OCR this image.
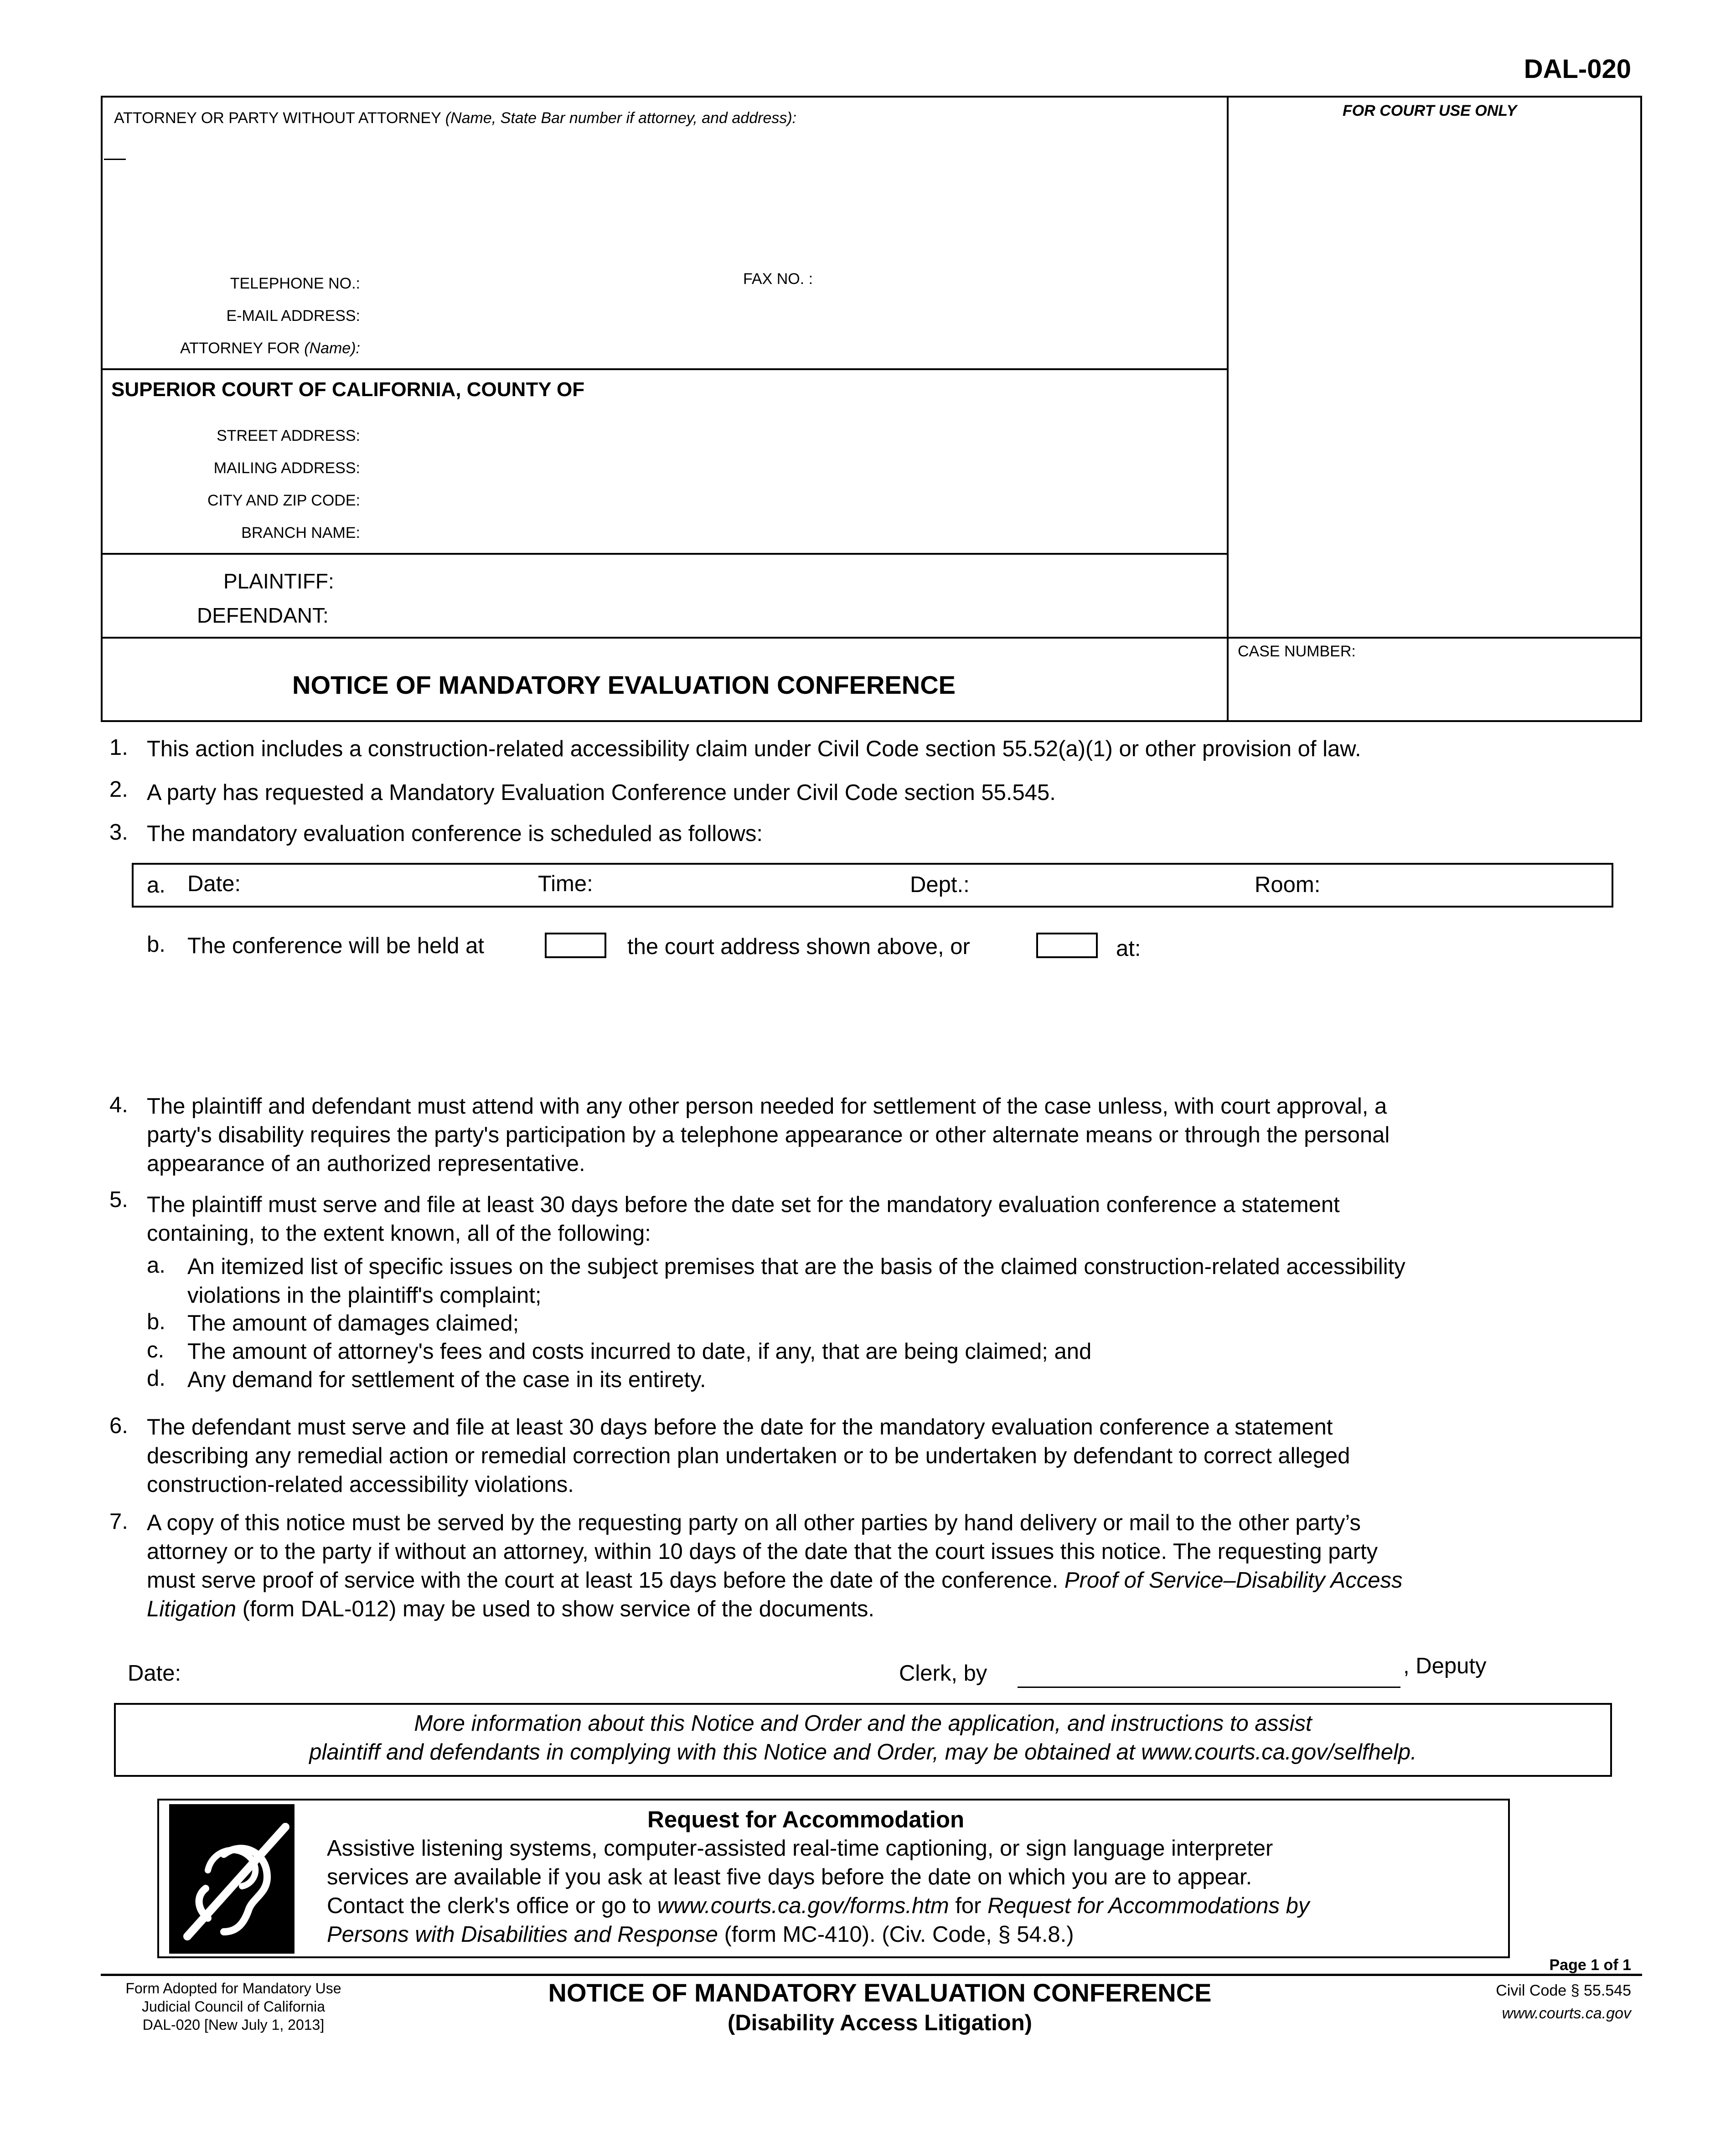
DAL-020
ATTORNEY OR PARTY WITHOUT ATTORNEY (Name, State Bar number if attorney, and address):	FOR COURT USE ONLY
TELEPHONE NO.:	FAX NO. :
E-MAIL ADDRESS:
ATTORNEY FOR (Name):
SUPERIOR COURT OF CALIFORNIA, COUNTY OF
STREET ADDRESS:
MAILING ADDRESS:
CITY AND ZIP CODE:
BRANCH NAME:
PLAINTIFF:
DEFENDANT:
CASE NUMBER:
NOTICE OF MANDATORY EVALUATION CONFERENCE
1. This action includes a construction-related accessibility claim under Civil Code section 55.52(a)(1) or other provision of law.
2. A party has requested a Mandatory Evaluation Conference under Civil Code section 55.545.
3. The mandatory evaluation conference is scheduled as follows:
a. Date:	Time:	Dept.:	Room:
b. The conference will be held at	the court address shown above, or	at:
4. The plaintiff and defendant must attend with any other person needed for settlement of the case unless, with court approval, a
party's disability requires the party's participation by a telephone appearance or other alternate means or through the personal
appearance of an authorized representative.
5. The plaintiff must serve and file at least 30 days before the date set for the mandatory evaluation conference a statement
containing, to the extent known, all of the following:
a. An itemized list of specific issues on the subject premises that are the basis of the claimed construction-related accessibility
violations in the plaintiff's complaint;
b. The amount of damages claimed;
c. The amount of attorney's fees and costs incurred to date, if any, that are being claimed; and
d. Any demand for settlement of the case in its entirety.
6. The defendant must serve and file at least 30 days before the date for the mandatory evaluation conference a statement
describing any remedial action or remedial correction plan undertaken or to be undertaken by defendant to correct alleged
construction-related accessibility violations.
7. A copy of this notice must be served by the requesting party on all other parties by hand delivery or mail to the other party’s
attorney or to the party if without an attorney, within 10 days of the date that the court issues this notice. The requesting party
must serve proof of service with the court at least 15 days before the date of the conference. Proof of Service–Disability Access
Litigation (form DAL-012) may be used to show service of the documents.
Date:	Clerk, by	, Deputy
More information about this Notice and Order and the application, and instructions to assist
plaintiff and defendants in complying with this Notice and Order, may be obtained at www.courts.ca.gov/selfhelp.
Request for Accommodation
Assistive listening systems, computer-assisted real-time captioning, or sign language interpreter
services are available if you ask at least five days before the date on which you are to appear.
Contact the clerk's office or go to www.courts.ca.gov/forms.htm for Request for Accommodations by
Persons with Disabilities and Response (form MC-410). (Civ. Code, § 54.8.)
Page 1 of 1
Form Adopted for Mandatory Use
Judicial Council of California
DAL-020 [New July 1, 2013]
NOTICE OF MANDATORY EVALUATION CONFERENCE
(Disability Access Litigation)
Civil Code § 55.545
www.courts.ca.gov
